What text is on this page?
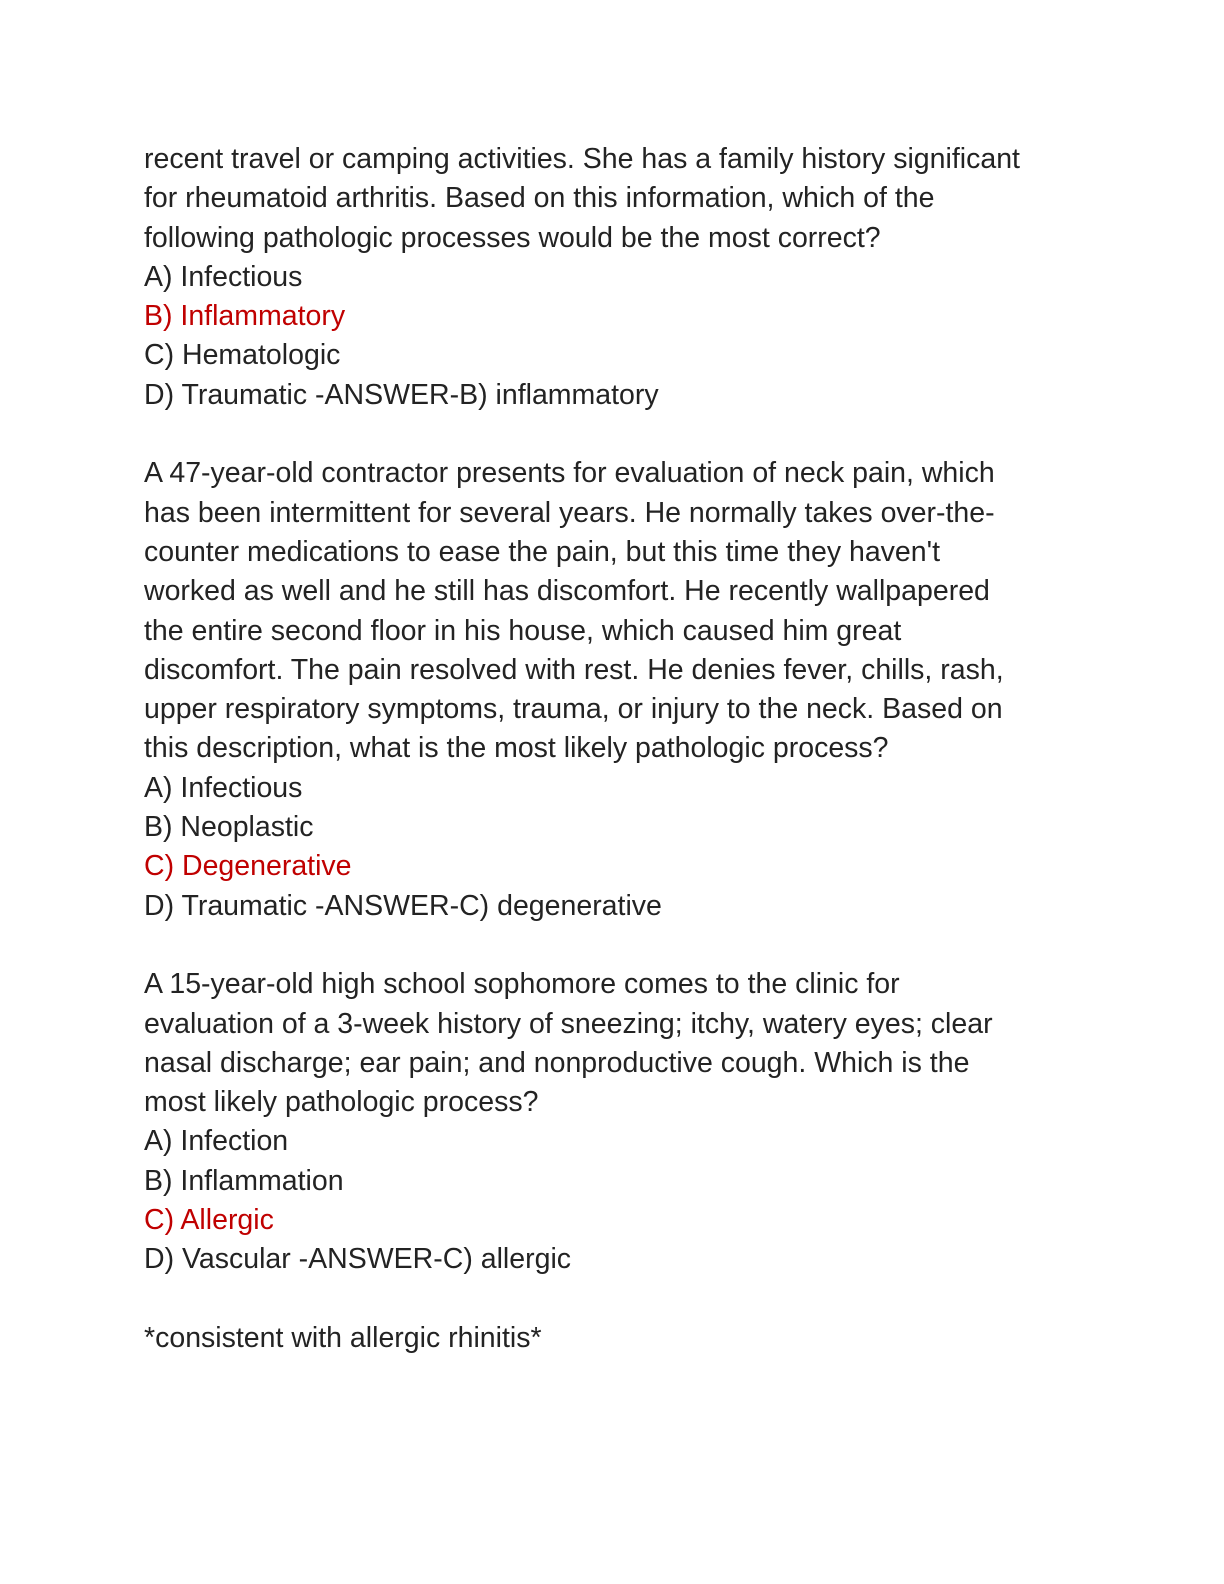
recent travel or camping activities. She has a family history significant
for rheumatoid arthritis. Based on this information, which of the
following pathologic processes would be the most correct?
A) Infectious
B) Inflammatory
C) Hematologic
D) Traumatic -ANSWER-B) inflammatory
A 47-year-old contractor presents for evaluation of neck pain, which
has been intermittent for several years. He normally takes over-the-
counter medications to ease the pain, but this time they haven't
worked as well and he still has discomfort. He recently wallpapered
the entire second floor in his house, which caused him great
discomfort. The pain resolved with rest. He denies fever, chills, rash,
upper respiratory symptoms, trauma, or injury to the neck. Based on
this description, what is the most likely pathologic process?
A) Infectious
B) Neoplastic
C) Degenerative
D) Traumatic -ANSWER-C) degenerative
A 15-year-old high school sophomore comes to the clinic for
evaluation of a 3-week history of sneezing; itchy, watery eyes; clear
nasal discharge; ear pain; and nonproductive cough. Which is the
most likely pathologic process?
A) Infection
B) Inflammation
C) Allergic
D) Vascular -ANSWER-C) allergic
*consistent with allergic rhinitis*
